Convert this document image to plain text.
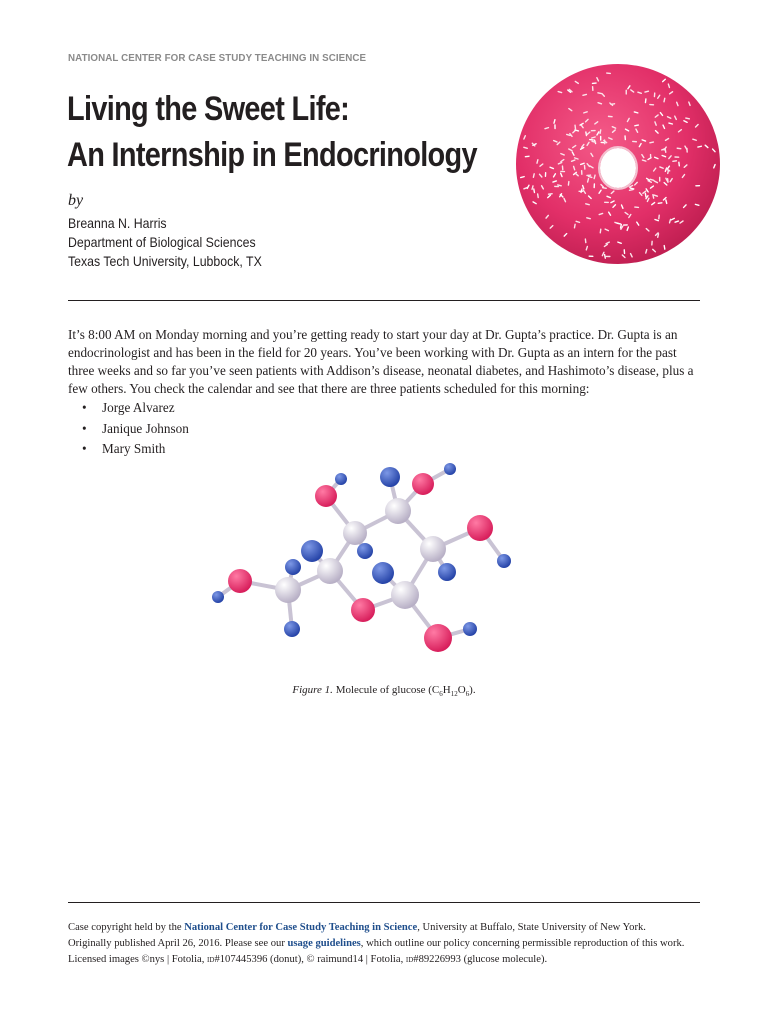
NATIONAL CENTER FOR CASE STUDY TEACHING IN SCIENCE
Living the Sweet Life:
An Internship in Endocrinology
by
Breanna N. Harris
Department of Biological Sciences
Texas Tech University, Lubbock, TX

It’s 8:00 AM on Monday morning and you’re getting ready to start your day at Dr. Gupta’s practice. Dr. Gupta is an endocrinologist and has been in the field for 20 years. You’ve been working with Dr. Gupta as an intern for the past three weeks and so far you’ve seen patients with Addison’s disease, neonatal diabetes, and Hashimoto’s disease, plus a few others. You check the calendar and see that there are three patients scheduled for this morning:

•	Jorge Alvarez
•	Janique Johnson
•	Mary Smith
Figure 1. Molecule of glucose $(C_6H_{12}O_6)$.
Case copyright held by the National Center for Case Study Teaching in Science, University at Buffalo, State University of New York.
Originally published April 26, 2016. Please see our usage guidelines, which outline our policy concerning permissible reproduction of this work.
Licensed images ©nys | Fotolia, id#107445396 (donut), © raimund14 | Fotolia, id#89226993 (glucose molecule).
